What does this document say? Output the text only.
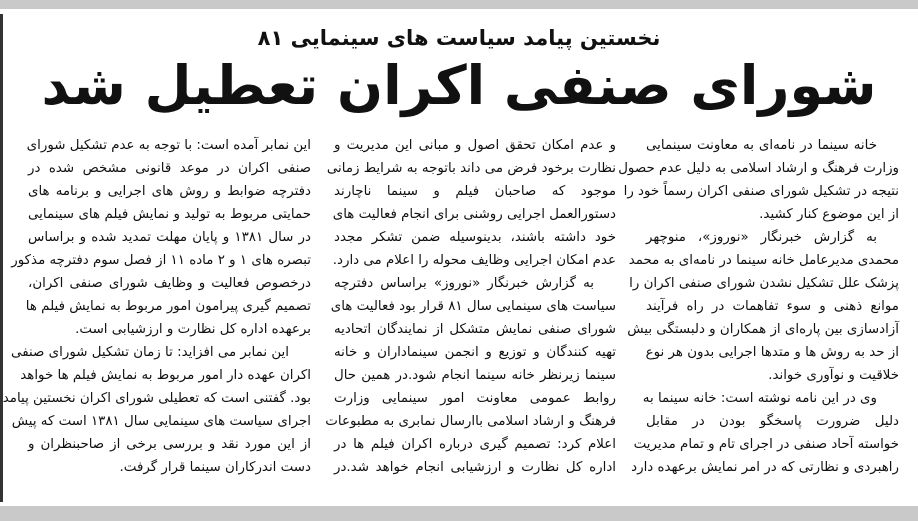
نخستین پیامد سیاست های سینمایی ۸۱
شورای صنفی اکران تعطیل شد
خانه سینما در نامه‌ای به معاونت سینمایی
وزارت فرهنگ و ارشاد اسلامی به دلیل عدم حصول
نتیجه در تشکیل شورای صنفی اکران رسماً خود را
از این موضوع کنار کشید.
به گزارش خبرنگار «نوروز»، منوچهر
محمدی مدیرعامل خانه سینما در نامه‌ای به محمد
پزشک علل تشکیل نشدن شورای صنفی اکران را
موانع ذهنی و سوء تفاهمات در راه فرآیند
آزادسازی بین پاره‌ای از همکاران و دلبستگی بیش
از حد به روش ها و متدها اجرایی بدون هر نوع
خلاقیت و نوآوری خواند.
وی در این نامه نوشته است: خانه سینما به
دلیل ضرورت پاسخگو بودن در مقابل
خواسته آحاد صنفی در اجرای تام و تمام مدیریت
راهبردی و نظارتی که در امر نمایش برعهده دارد
و عدم امکان تحقق اصول و مبانی این مدیریت و
نظارت برخود فرض می داند باتوجه به شرایط زمانی
موجود که صاحبان فیلم و سینما ناچارند
دستورالعمل اجرایی روشنی برای انجام فعالیت های
خود داشته باشند، بدینوسیله ضمن تشکر مجدد
عدم امکان اجرایی وظایف محوله را اعلام می دارد.
به گزارش خبرنگار «نوروز» براساس دفترچه
سیاست های سینمایی سال ۸۱ قرار بود فعالیت های
شورای صنفی نمایش متشکل از نمایندگان اتحادیه
تهیه کنندگان و توزیع و انجمن سینماداران و خانه
سینما زیرنظر خانه سینما انجام شود.در همین حال
روابط عمومی معاونت امور سینمایی وزارت
فرهنگ و ارشاد اسلامی باارسال نمابری به مطبوعات
اعلام کرد: تصمیم گیری درباره اکران فیلم ها در
اداره کل نظارت و ارزشیابی انجام خواهد شد.در
این نمابر آمده است: با توجه به عدم تشکیل شورای
صنفی اکران در موعد قانونی مشخص شده در
دفترچه ضوابط و روش های اجرایی و برنامه های
حمایتی مربوط به تولید و نمایش فیلم های سینمایی
در سال ۱۳۸۱ و پایان مهلت تمدید شده و براساس
تبصره های ۱ و ۲ ماده ۱۱ از فصل سوم دفترچه مذکور
درخصوص فعالیت و وظایف شورای صنفی اکران،
تصمیم گیری پیرامون امور مربوط به نمایش فیلم ها
برعهده اداره کل نظارت و ارزشیابی است.
این نمابر می افزاید: تا زمان تشکیل شورای صنفی
اکران عهده دار امور مربوط به نمایش فیلم ها خواهد
بود. گفتنی است که تعطیلی شورای اکران نخستین پیامد
اجرای سیاست های سینمایی سال ۱۳۸۱ است که پیش
از این مورد نقد و بررسی برخی از صاحبنظران و
دست اندرکاران سینما قرار گرفت.
